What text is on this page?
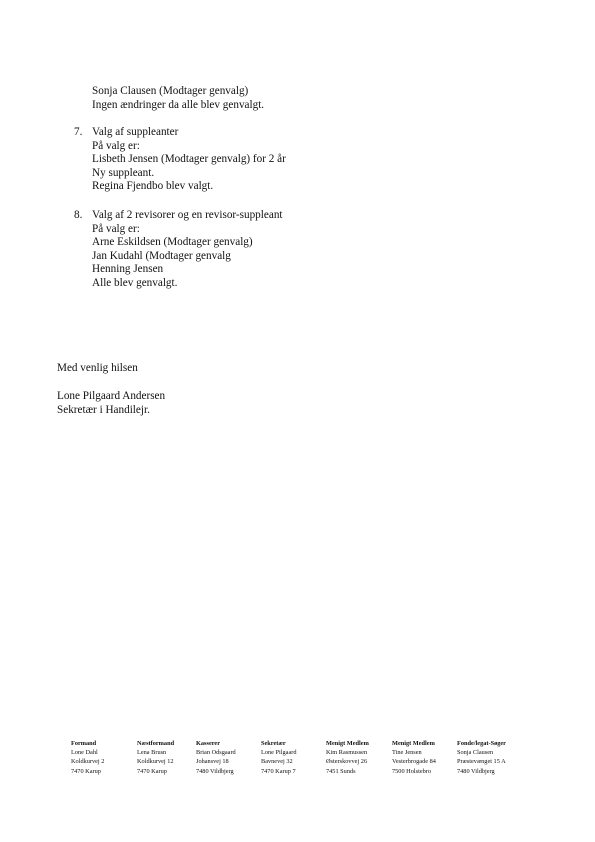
Sonja Clausen (Modtager genvalg)
Ingen ændringer da alle blev genvalgt.
7. Valg af suppleanter
På valg er:
Lisbeth Jensen (Modtager genvalg) for 2 år
Ny suppleant.
Regina Fjendbo blev valgt.
8. Valg af 2 revisorer og en revisor-suppleant
På valg er:
Arne Eskildsen (Modtager genvalg)
Jan Kudahl (Modtager genvalg
Henning Jensen
Alle blev genvalgt.
Med venlig hilsen
Lone Pilgaard Andersen
Sekretær i Handilejr.
Formand
Lone Dahl
Koldkurvej 2
7470 Karup
Næstformand
Lena Brusn
Koldkurvej 12
7470 Karup
Kasserer
Brian Odsgaard
Johansvej 18
7480 Vildbjerg
Sekretær
Lone Pilgaard
Bavnevej 32
7470 Karup 7
Menigt Medlem
Kim Rasmussen
Østerskovvej 26
7451 Sunds
Menigt Medlem
Tine Jensen
Vesterbrogade 84
7500 Holstebro
Fonde/legat-Søger
Sonja Clausen
Præstevænget 15 A
7480 Vildbjerg
